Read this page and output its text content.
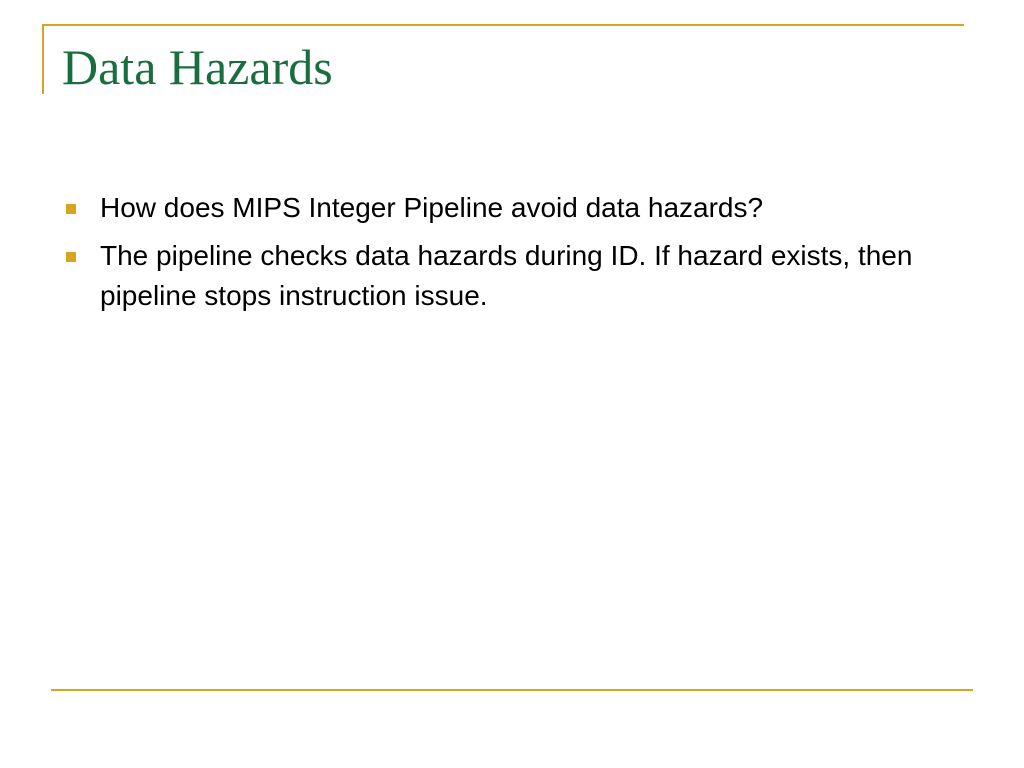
Data Hazards
How does MIPS Integer Pipeline avoid data hazards?
The pipeline checks data hazards during ID. If hazard exists, then pipeline stops instruction issue.
